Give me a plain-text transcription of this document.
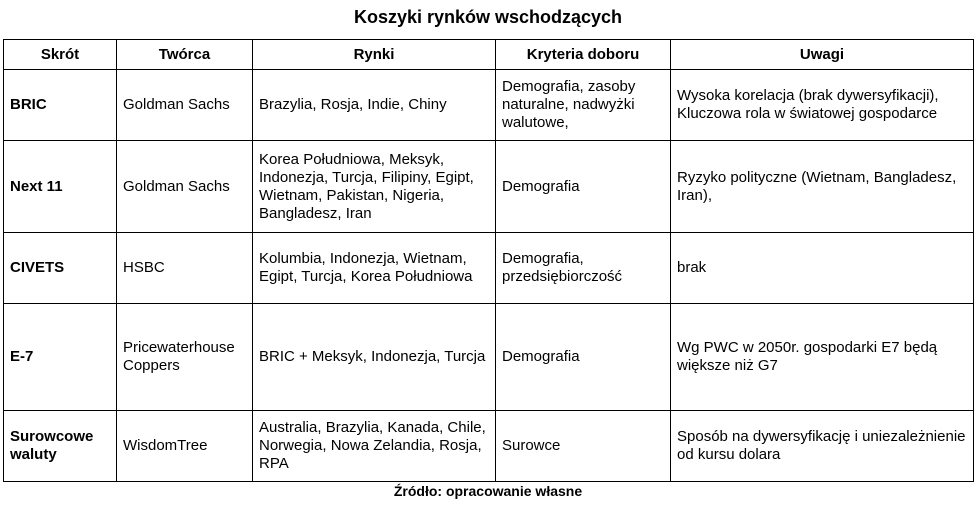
Koszyki rynków wschodzących
Skrót	Twórca	Rynki	Kryteria doboru	Uwagi
BRIC	Goldman Sachs	Brazylia, Rosja, Indie, Chiny	Demografia, zasoby naturalne, nadwyżki walutowe,	Wysoka korelacja (brak dywersyfikacji), Kluczowa rola w światowej gospodarce
Next 11	Goldman Sachs	Korea Południowa, Meksyk, Indonezja, Turcja, Filipiny, Egipt, Wietnam, Pakistan, Nigeria, Bangladesz, Iran	Demografia	Ryzyko polityczne (Wietnam, Bangladesz, Iran),
CIVETS	HSBC	Kolumbia, Indonezja, Wietnam, Egipt, Turcja, Korea Południowa	Demografia, przedsiębiorczość	brak
E-7	Pricewaterhouse Coppers	BRIC + Meksyk, Indonezja, Turcja	Demografia	Wg PWC w 2050r. gospodarki E7 będą większe niż G7
Surowcowe waluty	WisdomTree	Australia, Brazylia, Kanada, Chile, Norwegia, Nowa Zelandia, Rosja, RPA	Surowce	Sposób na dywersyfikację i uniezależnienie od kursu dolara
Źródło: opracowanie własne
